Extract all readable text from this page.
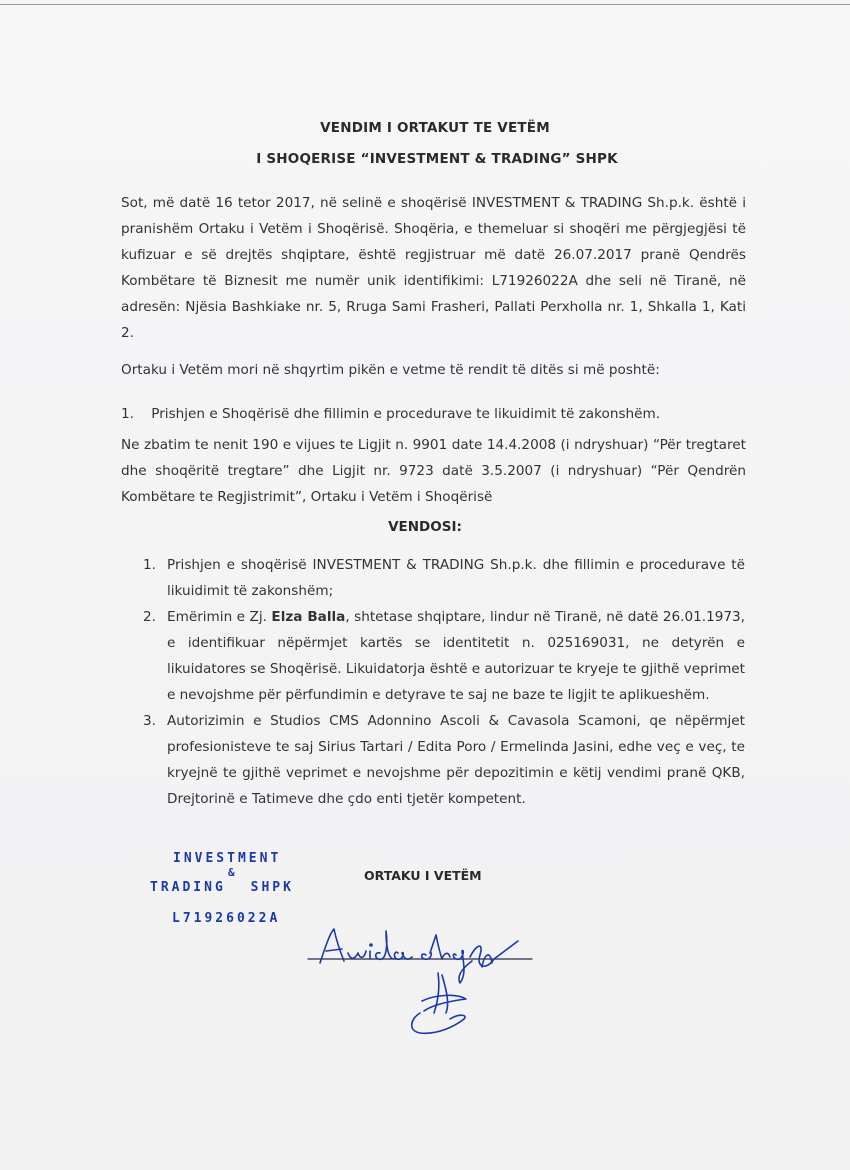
VENDIM I ORTAKUT TE VETËM
I SHOQERISE “INVESTMENT & TRADING” SHPK
Sot, më datë 16 tetor 2017, në selinë e shoqërisë INVESTMENT & TRADING Sh.p.k. është i pranishëm Ortaku i Vetëm i Shoqërisë. Shoqëria, e themeluar si shoqëri me përgjegjësi të kufizuar e së drejtës shqiptare, është regjistruar më datë 26.07.2017 pranë Qendrës Kombëtare të Biznesit me numër unik identifikimi: L71926022A dhe seli në Tiranë, në adresën: Njësia Bashkiake nr. 5, Rruga Sami Frasheri, Pallati Perxholla nr. 1, Shkalla 1, Kati 2.
Ortaku i Vetëm mori në shqyrtim pikën e vetme të rendit të ditës si më poshtë:
1.    Prishjen e Shoqërisë dhe fillimin e procedurave te likuidimit të zakonshëm.
Ne zbatim te nenit 190 e vijues te Ligjit n. 9901 date 14.4.2008 (i ndryshuar) “Për tregtaret dhe shoqëritë tregtare” dhe Ligjit nr. 9723 datë 3.5.2007 (i ndryshuar) “Për Qendrën Kombëtare te Regjistrimit”, Ortaku i Vetëm i Shoqërisë
VENDOSI:
1. Prishjen e shoqërisë INVESTMENT & TRADING Sh.p.k. dhe fillimin e procedurave të likuidimit të zakonshëm;
2. Emërimin e Zj. Elza Balla, shtetase shqiptare, lindur në Tiranë, në datë 26.01.1973, e identifikuar nëpërmjet kartës se identitetit n. 025169031, ne detyrën e likuidatores se Shoqërisë. Likuidatorja është e autorizuar te kryeje te gjithë veprimet e nevojshme për përfundimin e detyrave te saj ne baze te ligjit te aplikueshëm.
3. Autorizimin e Studios CMS Adonnino Ascoli & Cavasola Scamoni, qe nëpërmjet profesionisteve te saj Sirius Tartari / Edita Poro / Ermelinda Jasini, edhe veç e veç, te kryejnë te gjithë veprimet e nevojshme për depozitimin e këtij vendimi pranë QKB, Drejtorinë e Tatimeve dhe çdo enti tjetër kompetent.
INVESTMENT
&
TRADING SHPK
L71926022A
ORTAKU I VETËM
